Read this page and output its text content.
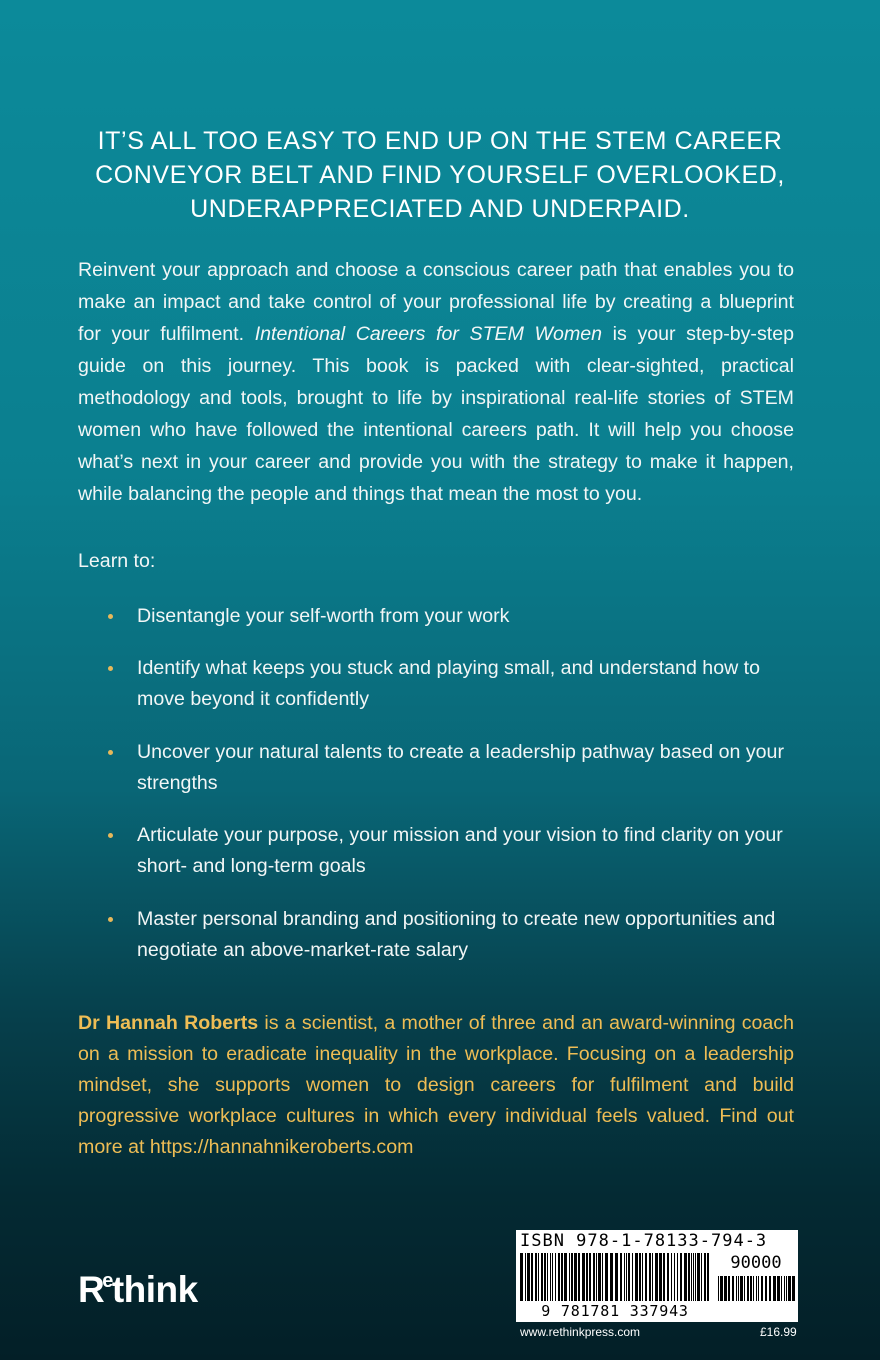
IT’S ALL TOO EASY TO END UP ON THE STEM CAREER
CONVEYOR BELT AND FIND YOURSELF OVERLOOKED,
UNDERAPPRECIATED AND UNDERPAID.

Reinvent your approach and choose a conscious career path that enables you to make an impact and take control of your professional life by creating a blueprint for your fulfilment. Intentional Careers for STEM Women is your step-by-step guide on this journey. This book is packed with clear-sighted, practical methodology and tools, brought to life by inspirational real-life stories of STEM women who have followed the intentional careers path. It will help you choose what’s next in your career and provide you with the strategy to make it happen, while balancing the people and things that mean the most to you.

Learn to:

Disentangle your self-worth from your work
Identify what keeps you stuck and playing small, and understand how to move beyond it confidently
Uncover your natural talents to create a leadership pathway based on your strengths
Articulate your purpose, your mission and your vision to find clarity on your short- and long-term goals
Master personal branding and positioning to create new opportunities and negotiate an above-market-rate salary

Dr Hannah Roberts is a scientist, a mother of three and an award-winning coach on a mission to eradicate inequality in the workplace. Focusing on a leadership mindset, she supports women to design careers for fulfilment and build progressive workplace cultures in which every individual feels valued. Find out more at https://hannahnikeroberts.com

$R^ethink$
ISBN 978-1-78133-794-3
90000
9 781781 337943
www.rethinkpress.com	£16.99
